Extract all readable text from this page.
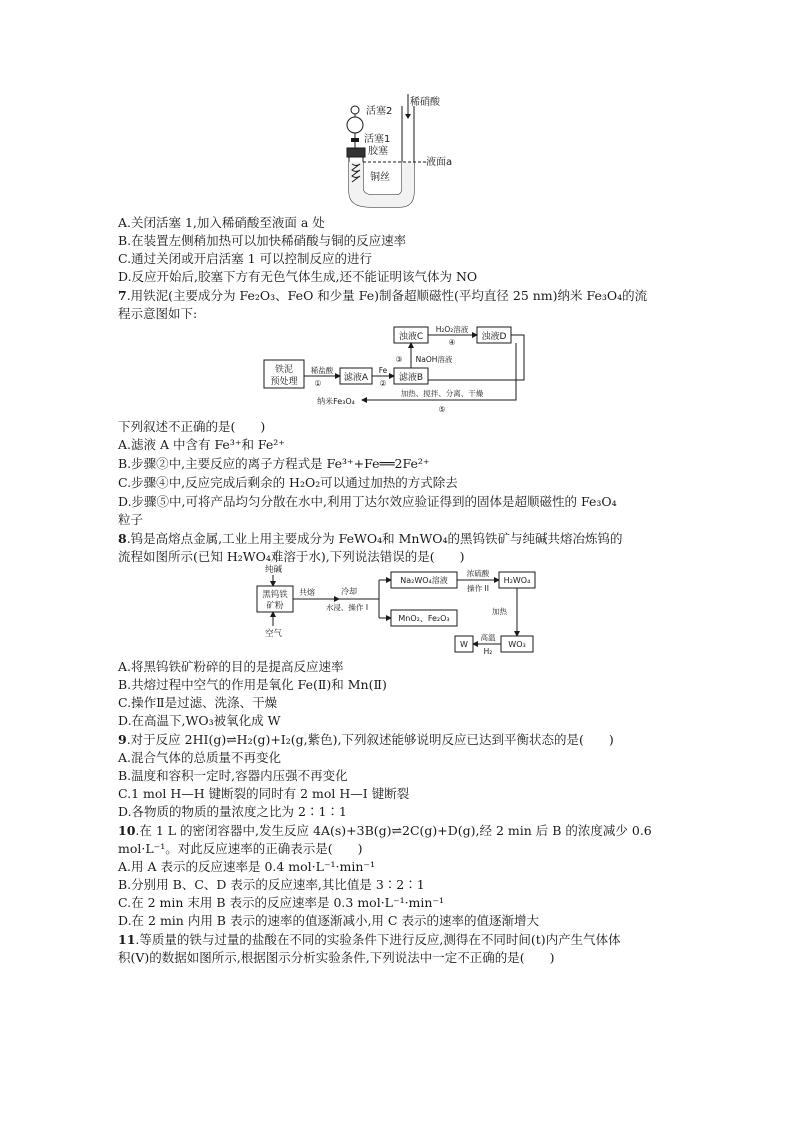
活塞2
稀硝酸
活塞1
胶塞
液面a
铜丝
A.关闭活塞 1,加入稀硝酸至液面 a 处
B.在装置左侧稍加热可以加快稀硝酸与铜的反应速率
C.通过关闭或开启活塞 1 可以控制反应的进行
D.反应开始后,胶塞下方有无色气体生成,还不能证明该气体为 NO
7.用铁泥(主要成分为 Fe₂O₃、FeO 和少量 Fe)制备超顺磁性(平均直径 25 nm)纳米 Fe₃O₄的流
程示意图如下:
铁泥
预处理
稀盐酸
①
滤液A
Fe
②
滤液B
③ NaOH溶液
浊液C
H₂O₂溶液
④
浊液D
纳米Fe₃O₄
加热、搅拌、分离、干燥
⑤
下列叙述不正确的是(　　)
A.滤液 A 中含有 Fe³⁺和 Fe²⁺
B.步骤②中,主要反应的离子方程式是 Fe³⁺+Fe══2Fe²⁺
C.步骤④中,反应完成后剩余的 H₂O₂可以通过加热的方式除去
D.步骤⑤中,可将产品均匀分散在水中,利用丁达尔效应验证得到的固体是超顺磁性的 Fe₃O₄
粒子
8.钨是高熔点金属,工业上用主要成分为 FeWO₄和 MnWO₄的黑钨铁矿与纯碱共熔冶炼钨的
流程如图所示(已知 H₂WO₄难溶于水),下列说法错误的是(　　)
纯碱
黑钨铁
矿粉
空气
共熔	冷却
水浸、操作 I
Na₂WO₄溶液
MnO₂、Fe₂O₃
浓硫酸
操作 II
H₂WO₄
加热
WO₃
高温
H₂
W
A.将黑钨铁矿粉碎的目的是提高反应速率
B.共熔过程中空气的作用是氧化 Fe(Ⅱ)和 Mn(Ⅱ)
C.操作Ⅱ是过滤、洗涤、干燥
D.在高温下,WO₃被氧化成 W
9.对于反应 2HI(g)⇌H₂(g)+I₂(g,紫色),下列叙述能够说明反应已达到平衡状态的是(　　)
A.混合气体的总质量不再变化
B.温度和容积一定时,容器内压强不再变化
C.1 mol H—H 键断裂的同时有 2 mol H—I 键断裂
D.各物质的物质的量浓度之比为 2∶1∶1
10.在 1 L 的密闭容器中,发生反应 4A(s)+3B(g)⇌2C(g)+D(g),经 2 min 后 B 的浓度减少 0.6
mol·L⁻¹。对此反应速率的正确表示是(　　)
A.用 A 表示的反应速率是 0.4 mol·L⁻¹·min⁻¹
B.分别用 B、C、D 表示的反应速率,其比值是 3∶2∶1
C.在 2 min 末用 B 表示的反应速率是 0.3 mol·L⁻¹·min⁻¹
D.在 2 min 内用 B 表示的速率的值逐渐减小,用 C 表示的速率的值逐渐增大
11.等质量的铁与过量的盐酸在不同的实验条件下进行反应,测得在不同时间(t)内产生气体体
积(V)的数据如图所示,根据图示分析实验条件,下列说法中一定不正确的是(　　)
